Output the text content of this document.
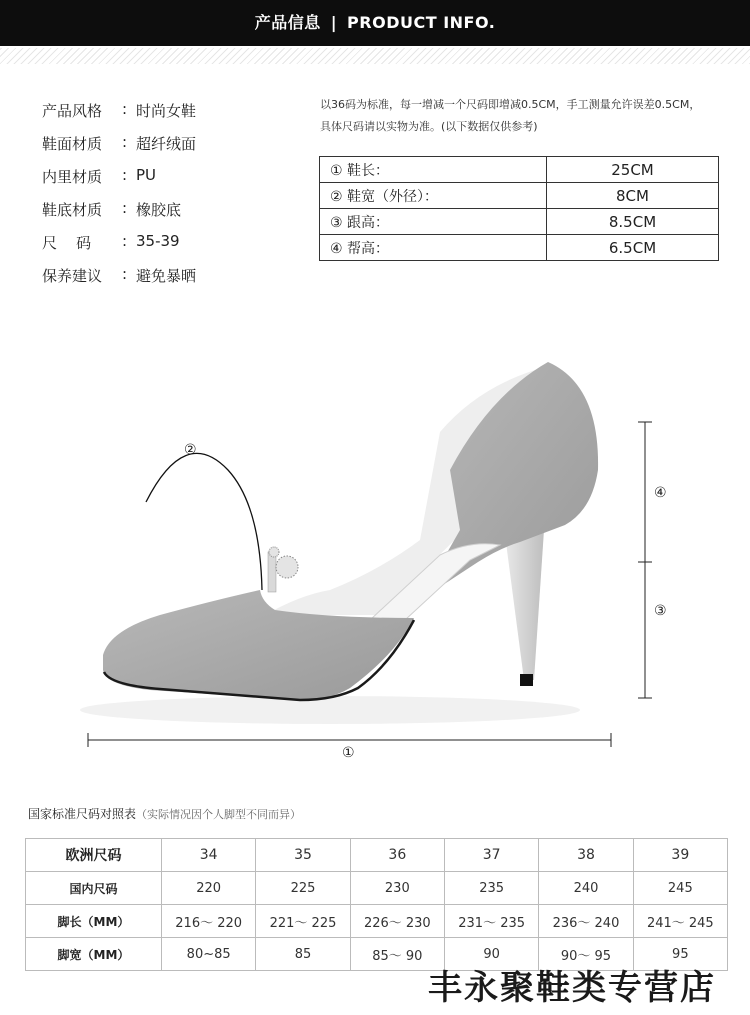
产品信息 | PRODUCT INFO.
产品风格	: 时尚女鞋
鞋面材质	: 超纤绒面
内里材质	: PU
鞋底材质	: 橡胶底
尺    码	: 35-39
保养建议	: 避免暴晒
以36码为标准，每一增减一个尺码即增减0.5CM，手工测量允许误差0.5CM，
具体尺码请以实物为准。(以下数据仅供参考)
① 鞋长：	25CM
② 鞋宽（外径）：	8CM
③ 跟高：	8.5CM
④ 帮高：	6.5CM
②
④
③
①
国家标准尺码对照表（实际情况因个人脚型不同而异）
欧洲尺码	34	35	36	37	38	39
国内尺码	220	225	230	235	240	245
脚长（MM）	216～ 220	221～ 225	226～ 230	231～ 235	236～ 240	241～ 245
脚宽（MM）	80~85	85	85～ 90	90	90～ 95	95
丰永聚鞋类专营店
